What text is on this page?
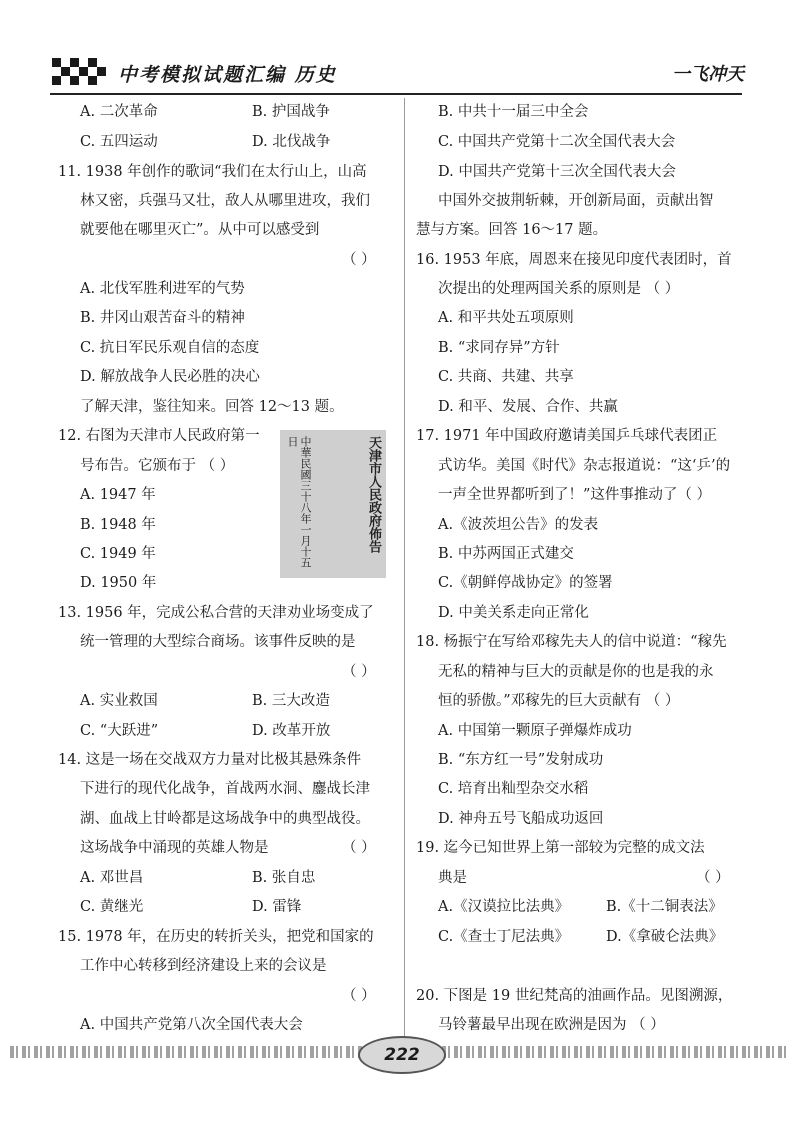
中考模拟试题汇编 历史	一飞冲天
A. 二次革命	B. 护国战争
C. 五四运动	D. 北伐战争
11. 1938 年创作的歌词“我们在太行山上，山高
林又密，兵强马又壮，敌人从哪里进攻，我们
就要他在哪里灭亡”。从中可以感受到
（ ）
A. 北伐军胜利进军的气势
B. 井冈山艰苦奋斗的精神
C. 抗日军民乐观自信的态度
D. 解放战争人民必胜的决心
了解天津，鉴往知来。回答 12～13 题。
12. 右图为天津市人民政府第一
号布告。它颁布于 （ ）
A. 1947 年
B. 1948 年
C. 1949 年
D. 1950 年
13. 1956 年，完成公私合营的天津劝业场变成了
统一管理的大型综合商场。该事件反映的是
（ ）
A. 实业救国	B. 三大改造
C. “大跃进”	D. 改革开放
14. 这是一场在交战双方力量对比极其悬殊条件
下进行的现代化战争，首战两水洞、鏖战长津
湖、血战上甘岭都是这场战争中的典型战役。
这场战争中涌现的英雄人物是	（ ）
A. 邓世昌	B. 张自忠
C. 黄继光	D. 雷锋
15. 1978 年，在历史的转折关头，把党和国家的
工作中心转移到经济建设上来的会议是
（ ）
A. 中国共产党第八次全国代表大会
B. 中共十一届三中全会
C. 中国共产党第十二次全国代表大会
D. 中国共产党第十三次全国代表大会
中国外交披荆斩棘，开创新局面，贡献出智
慧与方案。回答 16～17 题。
16. 1953 年底，周恩来在接见印度代表团时，首
次提出的处理两国关系的原则是 （ ）
A. 和平共处五项原则
B. “求同存异”方针
C. 共商、共建、共享
D. 和平、发展、合作、共赢
17. 1971 年中国政府邀请美国乒乓球代表团正
式访华。美国《时代》杂志报道说：“这‘乒’的
一声全世界都听到了！”这件事推动了（ ）
A.《波茨坦公告》的发表
B. 中苏两国正式建交
C.《朝鲜停战协定》的签署
D. 中美关系走向正常化
18. 杨振宁在写给邓稼先夫人的信中说道：“稼先
无私的精神与巨大的贡献是你的也是我的永
恒的骄傲。”邓稼先的巨大贡献有 （ ）
A. 中国第一颗原子弹爆炸成功
B. “东方红一号”发射成功
C. 培育出籼型杂交水稻
D. 神舟五号飞船成功返回
19. 迄今已知世界上第一部较为完整的成文法
典是	（ ）
A.《汉谟拉比法典》	B.《十二铜表法》
C.《查士丁尼法典》	D.《拿破仑法典》
20. 下图是 19 世纪梵高的油画作品。见图溯源，
马铃薯最早出现在欧洲是因为 （ ）
天津市人民政府佈告
中華民國三十八年一月十五日
222
